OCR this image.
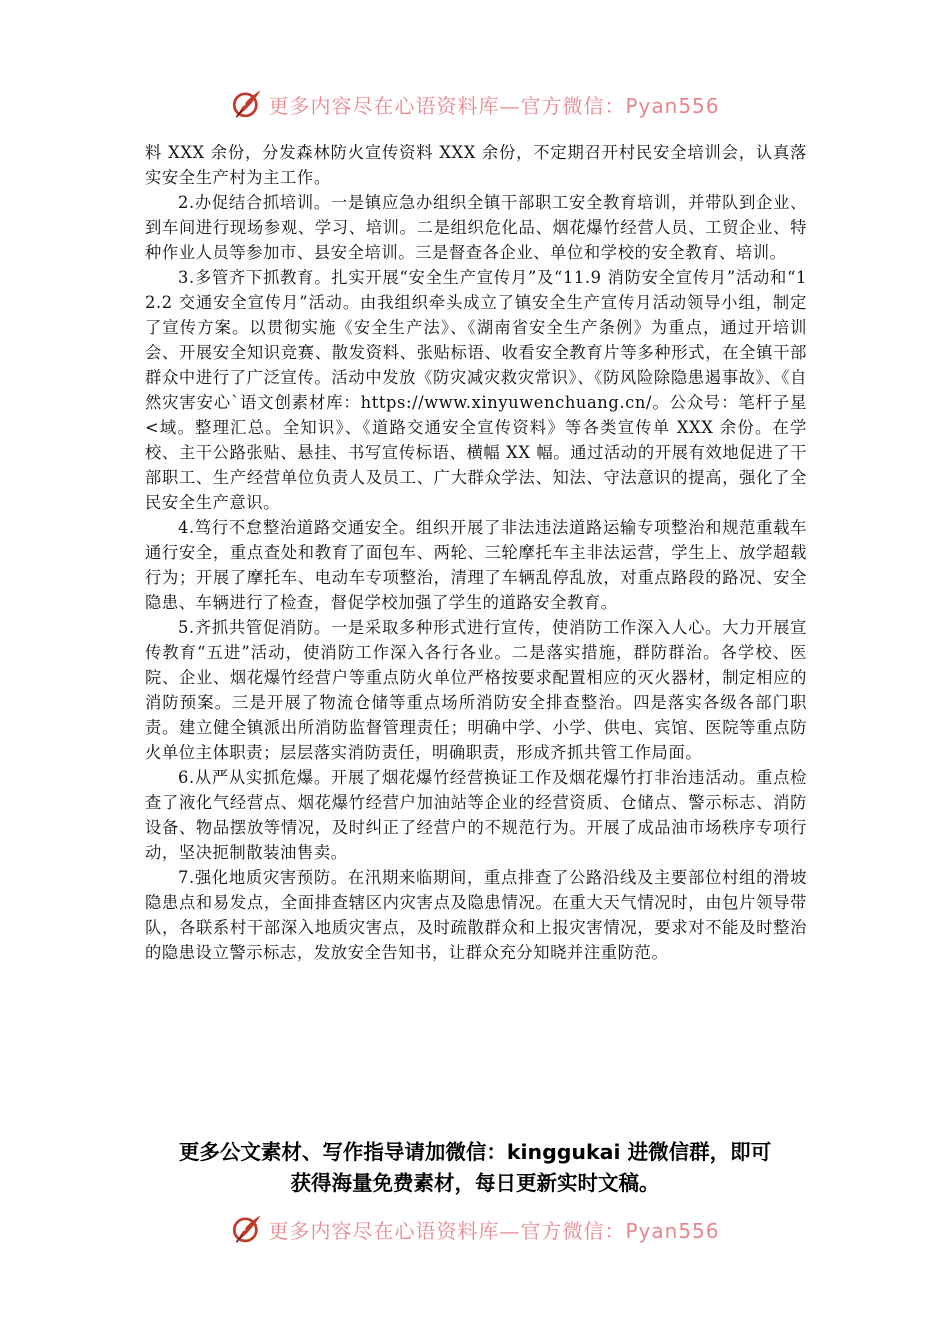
更多内容尽在心语资料库—官方微信：Pyan556

料 XXX 余份，分发森林防火宣传资料 XXX 余份，不定期召开村民安全培训会，认真落实安全生产村为主工作。

2.办促结合抓培训。一是镇应急办组织全镇干部职工安全教育培训，并带队到企业、到车间进行现场参观、学习、培训。二是组织危化品、烟花爆竹经营人员、工贸企业、特种作业人员等参加市、县安全培训。三是督查各企业、单位和学校的安全教育、培训。

3.多管齐下抓教育。扎实开展“安全生产宣传月”及“11.9 消防安全宣传月”活动和“12.2 交通安全宣传月”活动。由我组织牵头成立了镇安全生产宣传月活动领导小组，制定了宣传方案。以贯彻实施《安全生产法》、《湖南省安全生产条例》为重点，通过开培训会、开展安全知识竞赛、散发资料、张贴标语、收看安全教育片等多种形式，在全镇干部群众中进行了广泛宣传。活动中发放《防灾减灾救灾常识》、《防风险除隐患遏事故》、《自然灾害安心`语文创素材库：https://www.xinyuwenchuang.cn/。公众号：笔杆子星<域。整理汇总。全知识》、《道路交通安全宣传资料》等各类宣传单 XXX 余份。在学校、主干公路张贴、悬挂、书写宣传标语、横幅 XX 幅。通过活动的开展有效地促进了干部职工、生产经营单位负责人及员工、广大群众学法、知法、守法意识的提高，强化了全民安全生产意识。

4.笃行不怠整治道路交通安全。组织开展了非法违法道路运输专项整治和规范重载车通行安全，重点查处和教育了面包车、两轮、三轮摩托车主非法运营，学生上、放学超载行为；开展了摩托车、电动车专项整治，清理了车辆乱停乱放，对重点路段的路况、安全隐患、车辆进行了检查，督促学校加强了学生的道路安全教育。

5.齐抓共管促消防。一是采取多种形式进行宣传，使消防工作深入人心。大力开展宣传教育“五进”活动，使消防工作深入各行各业。二是落实措施，群防群治。各学校、医院、企业、烟花爆竹经营户等重点防火单位严格按要求配置相应的灭火器材，制定相应的消防预案。三是开展了物流仓储等重点场所消防安全排查整治。四是落实各级各部门职责。建立健全镇派出所消防监督管理责任；明确中学、小学、供电、宾馆、医院等重点防火单位主体职责；层层落实消防责任，明确职责，形成齐抓共管工作局面。

6.从严从实抓危爆。开展了烟花爆竹经营换证工作及烟花爆竹打非治违活动。重点检查了液化气经营点、烟花爆竹经营户加油站等企业的经营资质、仓储点、警示标志、消防设备、物品摆放等情况，及时纠正了经营户的不规范行为。开展了成品油市场秩序专项行动，坚决扼制散装油售卖。

7.强化地质灾害预防。在汛期来临期间，重点排查了公路沿线及主要部位村组的滑坡隐患点和易发点，全面排查辖区内灾害点及隐患情况。在重大天气情况时，由包片领导带队，各联系村干部深入地质灾害点，及时疏散群众和上报灾害情况，要求对不能及时整治的隐患设立警示标志，发放安全告知书，让群众充分知晓并注重防范。

更多公文素材、写作指导请加微信：kinggukai 进微信群，即可
获得海量免费素材，每日更新实时文稿。
更多内容尽在心语资料库—官方微信：Pyan556
